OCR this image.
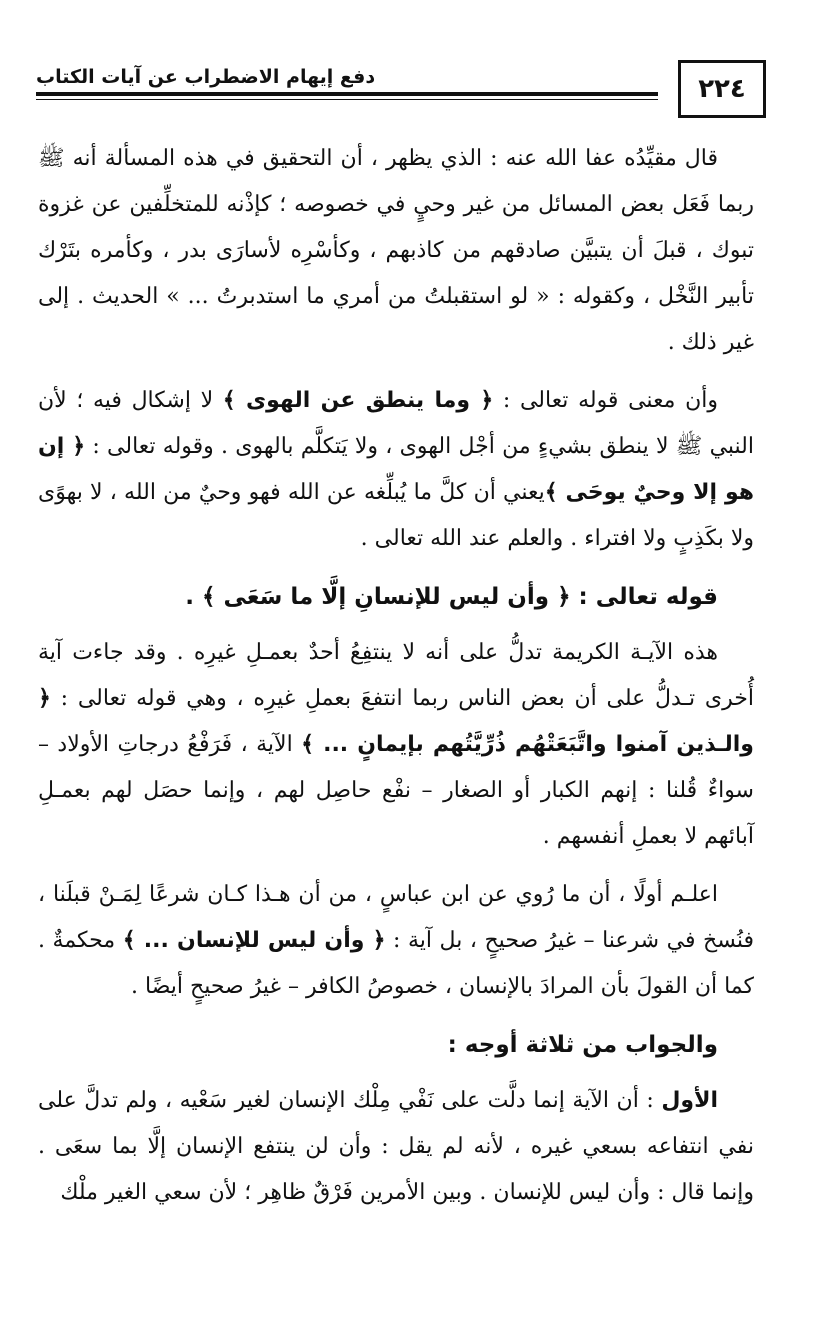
٢٢٤
دفع إيهام الاضطراب عن آيات الكتاب

قال مقيِّدُه عفا الله عنه : الذي يظهر ، أن التحقيق في هذه المسألة أنه ﷺ ربما فَعَل بعض المسائل من غير وحيٍ في خصوصه ؛ كإذْنه للمتخلِّفين عن غزوة تبوك ، قبلَ أن يتبيَّن صادقهم من كاذبهم ، وكأسْرِه لأسارَى بدر ، وكأمره بتَرْك تأبير النَّخْل ، وكقوله : « لو استقبلتُ من أمري ما استدبرتُ ... » الحديث . إلى غير ذلك .

وأن معنى قوله تعالى : ﴿ وما ينطق عن الهوى ﴾ لا إشكال فيه ؛ لأن النبي ﷺ لا ينطق بشيءٍ من أجْل الهوى ، ولا يَتكلَّم بالهوى . وقوله تعالى : ﴿ إن هو إلا وحيٌ يوحَى ﴾يعني أن كلَّ ما يُبلِّغه عن الله فهو وحيٌ من الله ، لا بهوًى ولا بكَذِبٍ ولا افتراء . والعلم عند الله تعالى .

قوله تعالى : ﴿ وأن ليس للإنسانِ إلَّا ما سَعَى ﴾ .

هذه الآيـة الكريمة تدلُّ على أنه لا ينتفِعُ أحدٌ بعمـلِ غيرِه . وقد جاءت آية أُخرى تـدلُّ على أن بعض الناس ربما انتفعَ بعملِ غيرِه ، وهي قوله تعالى : ﴿ والـذين آمنوا واتَّبَعَتْهُم ذُرِّيَّتُهم بإيمانٍ ... ﴾ الآية ، فَرَفْعُ درجاتِ الأولاد – سواءٌ قُلنا : إنهم الكبار أو الصغار – نفْع حاصِل لهم ، وإنما حصَل لهم بعمـلِ آبائهم لا بعملِ أنفسهم .

اعلـم أولًا ، أن ما رُوي عن ابن عباسٍ ، من أن هـذا كـان شرعًا لِمَـنْ قبلَنا ، فنُسخ في شرعنا – غيرُ صحيحٍ ، بل آية : ﴿ وأن ليس للإنسان ... ﴾ محكمةٌ . كما أن القولَ بأن المرادَ بالإنسان ، خصوصُ الكافر – غيرُ صحيحٍ أيضًا .

والجواب من ثلاثة أوجه :

الأول : أن الآية إنما دلَّت على نَفْي مِلْك الإنسان لغير سَعْيه ، ولم تدلَّ على نفي انتفاعه بسعي غيره ، لأنه لم يقل : وأن لن ينتفع الإنسان إلَّا بما سعَى . وإنما قال : وأن ليس للإنسان . وبين الأمرين فَرْقٌ ظاهِر ؛ لأن سعي الغير ملْك
